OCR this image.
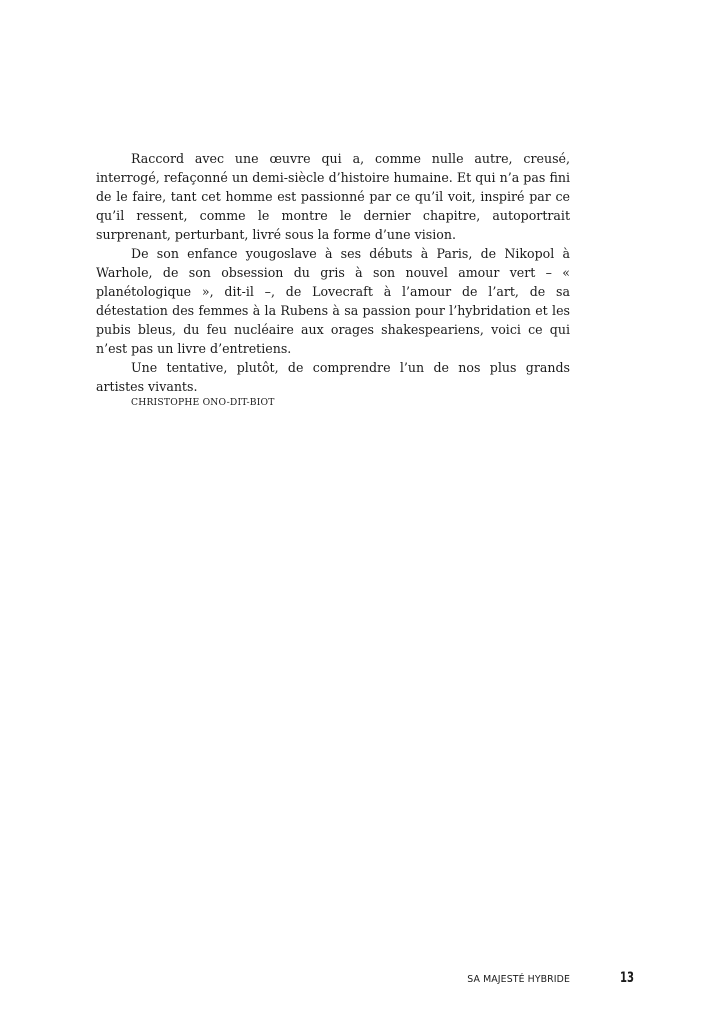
Raccord avec une œuvre qui a, comme nulle autre, creusé, interrogé, refaçonné un demi-siècle d’histoire humaine. Et qui n’a pas fini de le faire, tant cet homme est passionné par ce qu’il voit, inspiré par ce qu’il ressent, comme le montre le dernier chapitre, autoportrait surprenant, perturbant, livré sous la forme d’une vision.

De son enfance yougoslave à ses débuts à Paris, de Nikopol à Warhole, de son obsession du gris à son nouvel amour vert – « planétologique », dit-il –, de Lovecraft à l’amour de l’art, de sa détestation des femmes à la Rubens à sa passion pour l’hybridation et les pubis bleus, du feu nucléaire aux orages shakespeariens, voici ce qui n’est pas un livre d’entretiens.

Une tentative, plutôt, de comprendre l’un de nos plus grands artistes vivants.

CHRISTOPHE ONO-DIT-BIOT

SA MAJESTÉ HYBRIDE	13
